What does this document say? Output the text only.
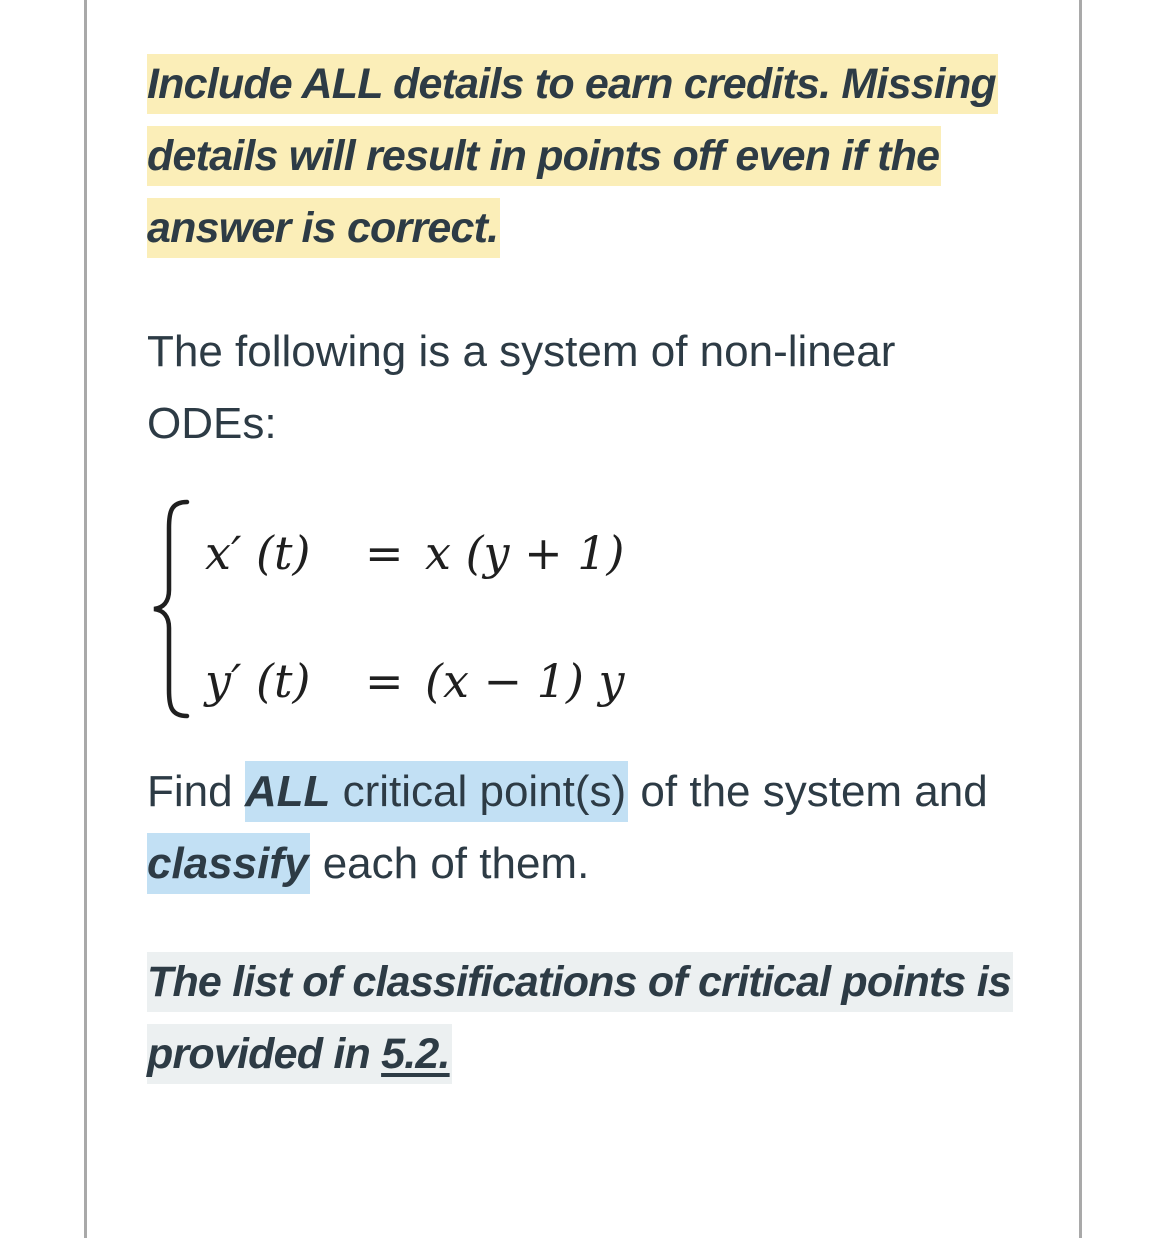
Include ALL details to earn credits. Missing details will result in points off even if the answer is correct.

The following is a system of non-linear ODEs:

x′ (t) = x (y + 1)
y′ (t) = (x − 1) y

Find ALL critical point(s) of the system and classify each of them.

The list of classifications of critical points is provided in 5.2.
